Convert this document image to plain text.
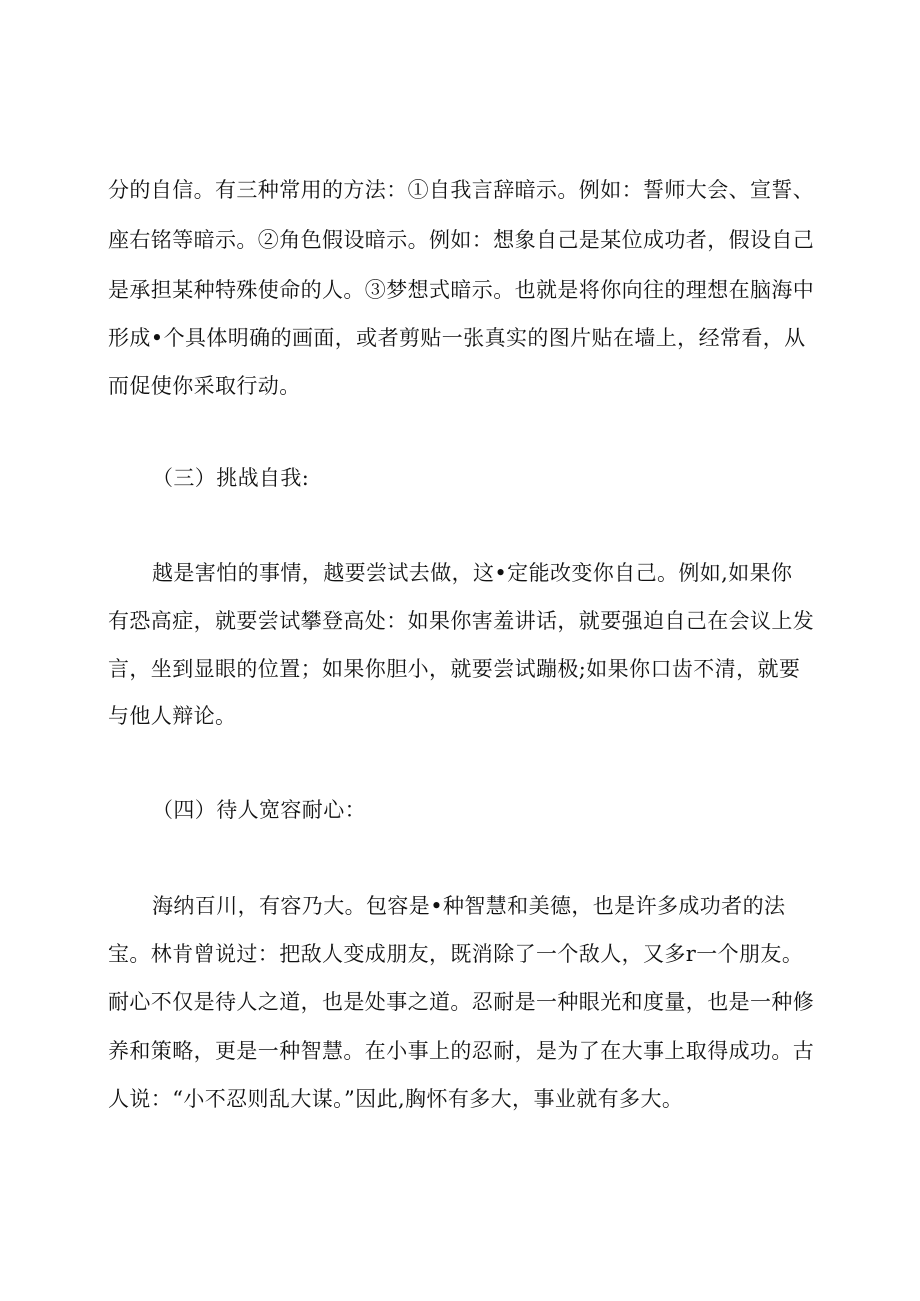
分的自信。有三种常用的方法：①自我言辞暗示。例如：誓师大会、宣誓、
座右铭等暗示。②角色假设暗示。例如：想象自己是某位成功者，假设自己
是承担某种特殊使命的人。③梦想式暗示。也就是将你向往的理想在脑海中
形成•个具体明确的画面，或者剪贴一张真实的图片贴在墙上，经常看，从
而促使你采取行动。
（三）挑战自我:
越是害怕的事情，越要尝试去做，这•定能改变你自己。例如,如果你
有恐高症，就要尝试攀登高处：如果你害羞讲话，就要强迫自己在会议上发
言，坐到显眼的位置；如果你胆小，就要尝试蹦极;如果你口齿不清，就要
与他人辩论。
（四）待人宽容耐心：
海纳百川，有容乃大。包容是•种智慧和美德，也是许多成功者的法
宝。林肯曾说过：把敌人变成朋友，既消除了一个敌人，又多r一个朋友。
耐心不仅是待人之道，也是处事之道。忍耐是一种眼光和度量，也是一种修
养和策略，更是一种智慧。在小事上的忍耐，是为了在大事上取得成功。古
人说：“小不忍则乱大谋。”因此,胸怀有多大，事业就有多大。
